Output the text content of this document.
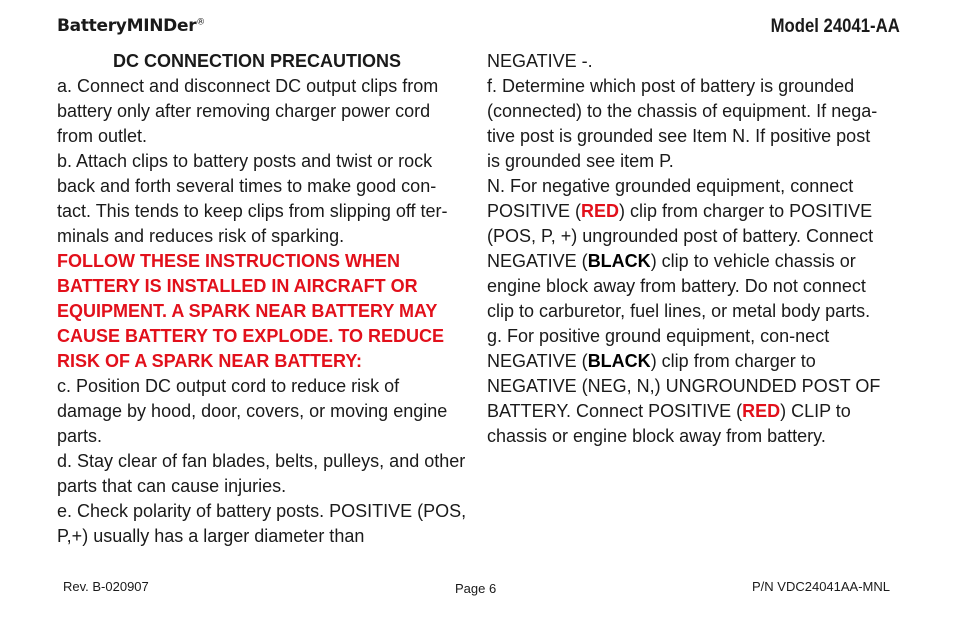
BatteryMINDer®	Model 24041-AA

DC CONNECTION PRECAUTIONS

a. Connect and disconnect DC output clips from battery only after removing charger power cord from outlet.

b. Attach clips to battery posts and twist or rock back and forth several times to make good con-tact. This tends to keep clips from slipping off ter-minals and reduces risk of sparking.

FOLLOW THESE INSTRUCTIONS WHEN BATTERY IS INSTALLED IN AIRCRAFT OR EQUIPMENT. A SPARK NEAR BATTERY MAY CAUSE BATTERY TO EXPLODE. TO REDUCE RISK OF A SPARK NEAR BATTERY:

c. Position DC output cord to reduce risk of damage by hood, door, covers, or moving engine parts.

d. Stay clear of fan blades, belts, pulleys, and other parts that can cause injuries.

e. Check polarity of battery posts. POSITIVE (POS, P,+) usually has a larger diameter than

NEGATIVE -.

f. Determine which post of battery is grounded (connected) to the chassis of equipment. If nega-tive post is grounded see Item N. If positive post is grounded see item P.

N. For negative grounded equipment, connect POSITIVE (RED) clip from charger to POSITIVE (POS, P, +) ungrounded post of battery. Connect NEGATIVE (BLACK) clip to vehicle chassis or engine block away from battery. Do not connect clip to carburetor, fuel lines, or metal body parts.

g. For positive ground equipment, con-nect NEGATIVE (BLACK) clip from charger to NEGATIVE (NEG, N,) UNGROUNDED POST OF BATTERY. Connect POSITIVE (RED) CLIP to chassis or engine block away from battery.

Rev. B-020907	Page 6	P/N VDC24041AA-MNL
